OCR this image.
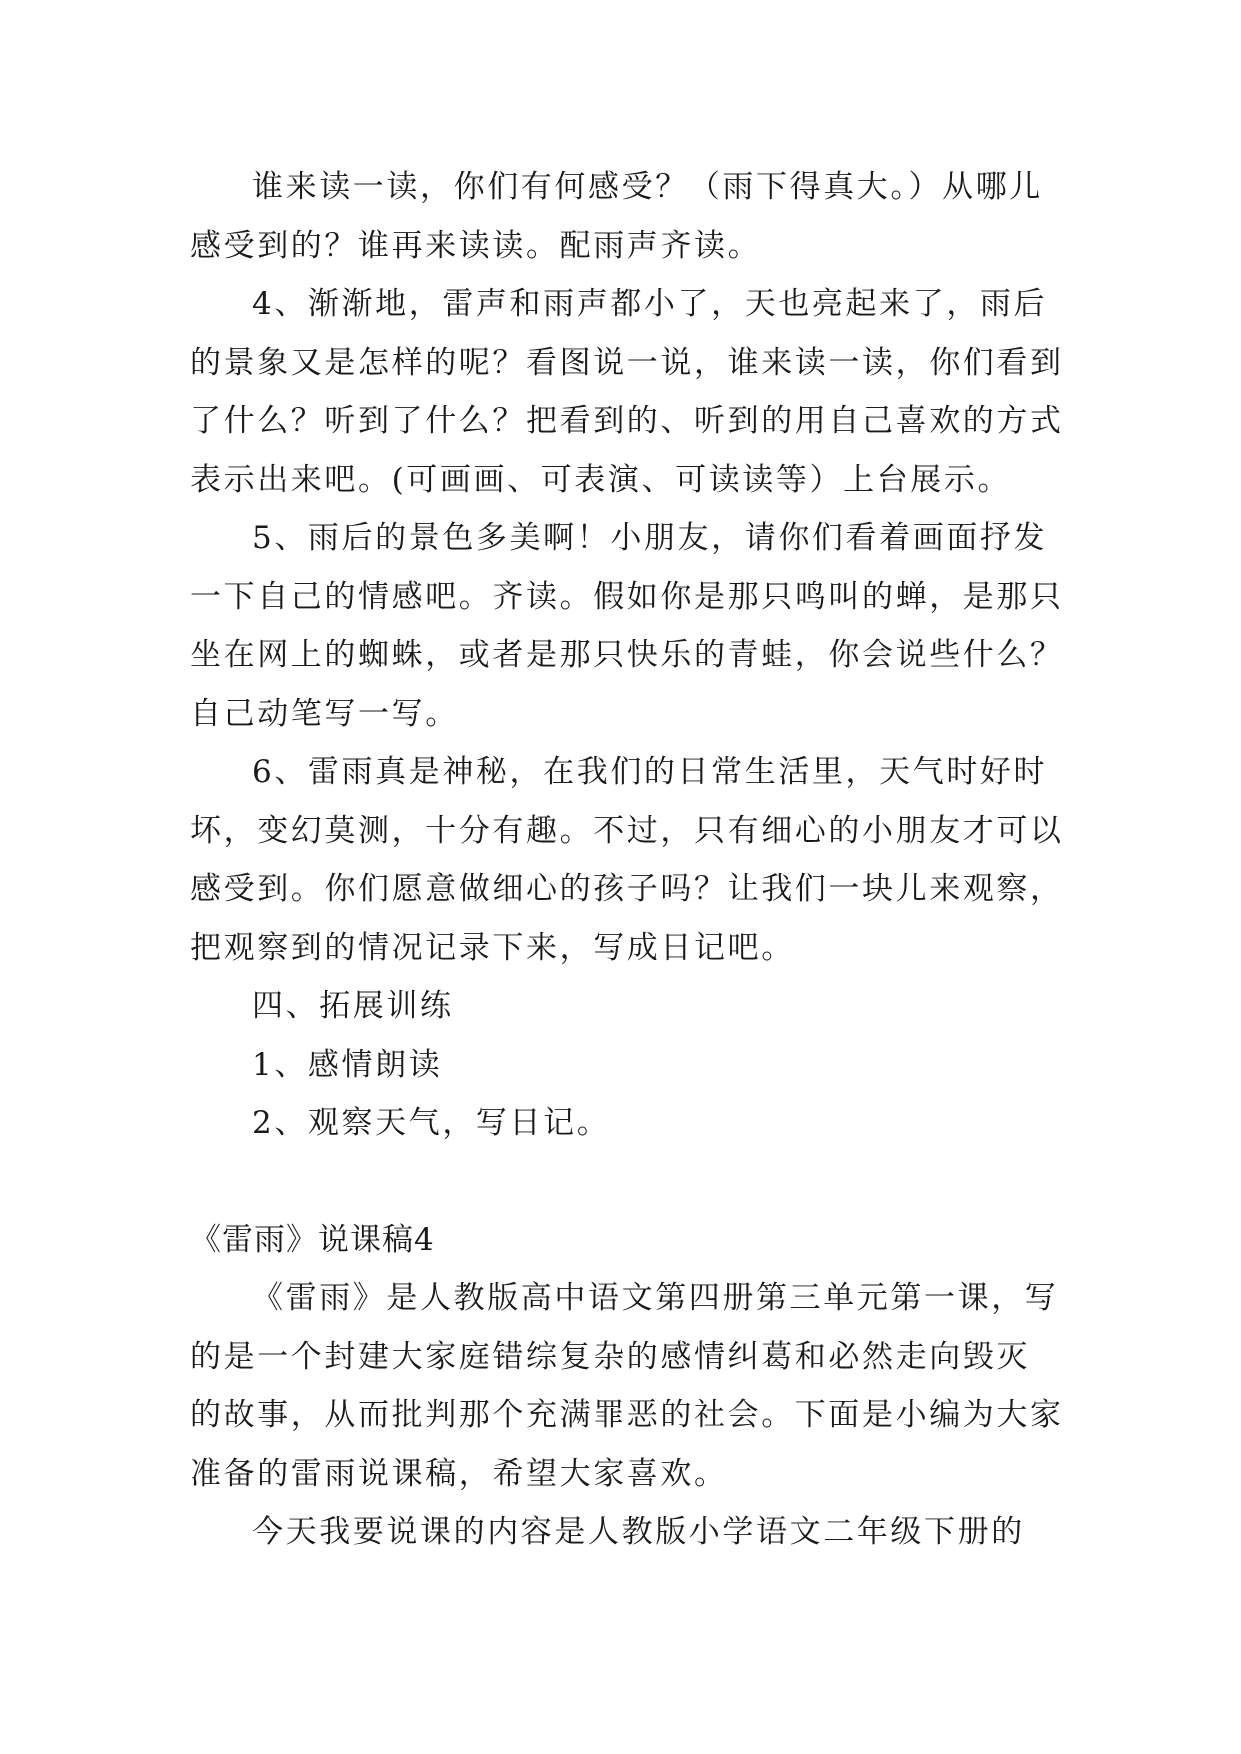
谁来读一读，你们有何感受？（雨下得真大。）从哪儿
感受到的？谁再来读读。配雨声齐读。
4、渐渐地，雷声和雨声都小了，天也亮起来了，雨后
的景象又是怎样的呢？看图说一说，谁来读一读，你们看到
了什么？听到了什么？把看到的、听到的用自己喜欢的方式
表示出来吧。(可画画、可表演、可读读等）上台展示。
5、雨后的景色多美啊！小朋友，请你们看着画面抒发
一下自己的情感吧。齐读。假如你是那只鸣叫的蝉，是那只
坐在网上的蜘蛛，或者是那只快乐的青蛙，你会说些什么？
自己动笔写一写。
6、雷雨真是神秘，在我们的日常生活里，天气时好时
坏，变幻莫测，十分有趣。不过，只有细心的小朋友才可以
感受到。你们愿意做细心的孩子吗？让我们一块儿来观察，
把观察到的情况记录下来，写成日记吧。
四、拓展训练
1、感情朗读
2、观察天气，写日记。
《雷雨》说课稿4
《雷雨》是人教版高中语文第四册第三单元第一课，写
的是一个封建大家庭错综复杂的感情纠葛和必然走向毁灭
的故事，从而批判那个充满罪恶的社会。下面是小编为大家
准备的雷雨说课稿，希望大家喜欢。
今天我要说课的内容是人教版小学语文二年级下册的
